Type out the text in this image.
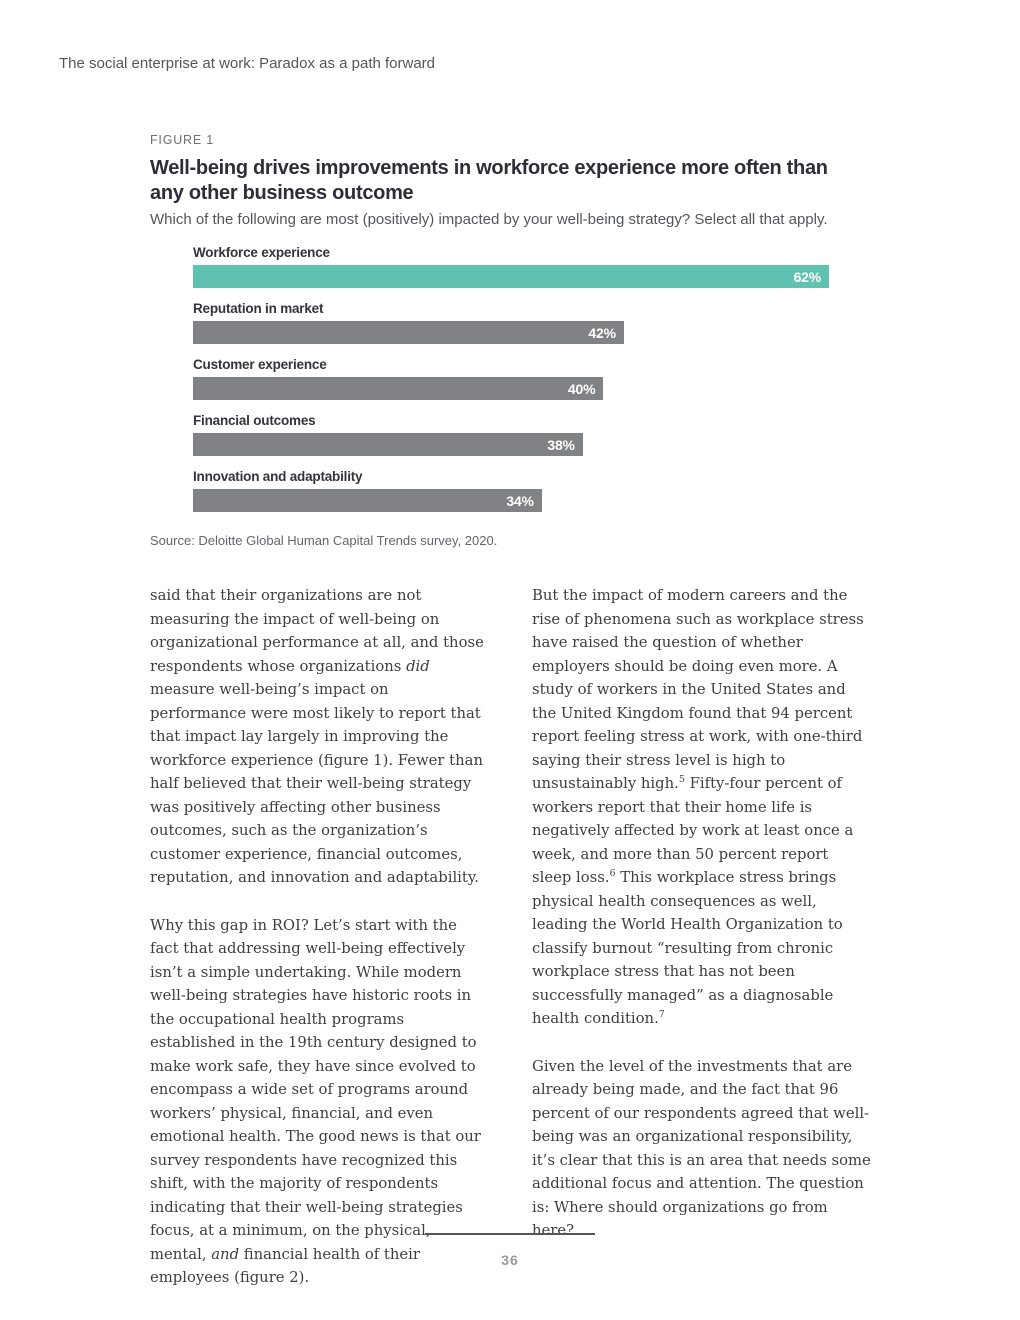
The social enterprise at work: Paradox as a path forward
FIGURE 1
Well-being drives improvements in workforce experience more often than any other business outcome
Which of the following are most (positively) impacted by your well-being strategy? Select all that apply.
Workforce experience
62%
Reputation in market
42%
Customer experience
40%
Financial outcomes
38%
Innovation and adaptability
34%
Source: Deloitte Global Human Capital Trends survey, 2020.

said that their organizations are not measuring the impact of well-being on organizational performance at all, and those respondents whose organizations did measure well-being’s impact on performance were most likely to report that that impact lay largely in improving the workforce experience (figure 1). Fewer than half believed that their well-being strategy was positively affecting other business outcomes, such as the organization’s customer experience, financial outcomes, reputation, and innovation and adaptability.

Why this gap in ROI? Let’s start with the fact that addressing well-being effectively isn’t a simple undertaking. While modern well-being strategies have historic roots in the occupational health programs established in the 19th century designed to make work safe, they have since evolved to encompass a wide set of programs around workers’ physical, financial, and even emotional health. The good news is that our survey respondents have recognized this shift, with the majority of respondents indicating that their well-being strategies focus, at a minimum, on the physical, mental, and financial health of their employees (figure 2).

But the impact of modern careers and the rise of phenomena such as workplace stress have raised the question of whether employers should be doing even more. A study of workers in the United States and the United Kingdom found that 94 percent report feeling stress at work, with one-third saying their stress level is high to unsustainably high.$^5$ Fifty-four percent of workers report that their home life is negatively affected by work at least once a week, and more than 50 percent report sleep loss.$^6$ This workplace stress brings physical health consequences as well, leading the World Health Organization to classify burnout “resulting from chronic workplace stress that has not been successfully managed” as a diagnosable health condition.$^7$

Given the level of the investments that are already being made, and the fact that 96 percent of our respondents agreed that well-being was an organizational responsibility, it’s clear that this is an area that needs some additional focus and attention. The question is: Where should organizations go from here?

36
